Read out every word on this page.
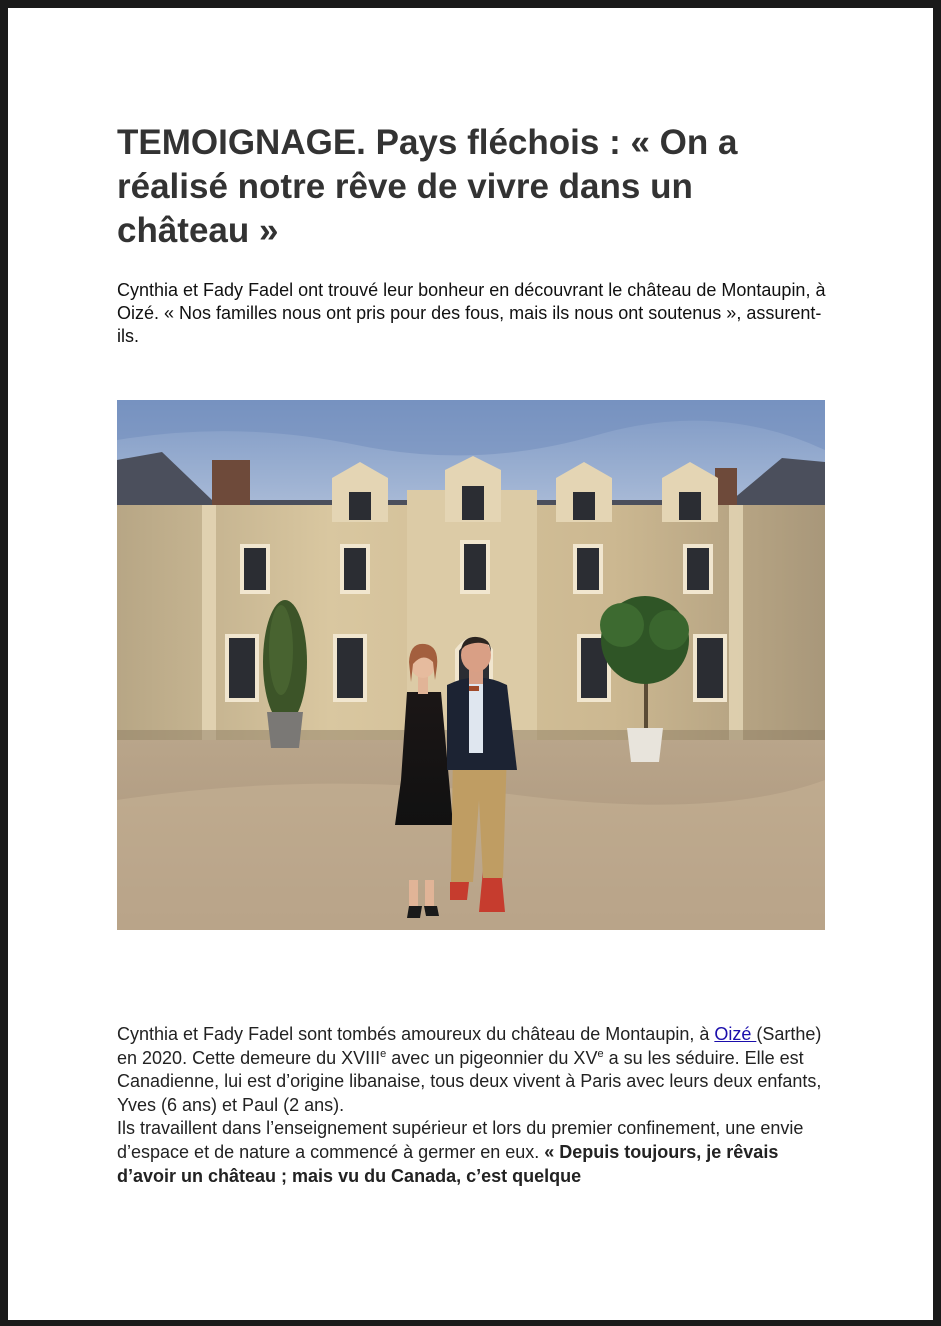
TEMOIGNAGE. Pays fléchois : « On a réalisé notre rêve de vivre dans un château »

Cynthia et Fady Fadel ont trouvé leur bonheur en découvrant le château de Montaupin, à Oizé. « Nos familles nous ont pris pour des fous, mais ils nous ont soutenus », assurent-ils.

Cynthia et Fady Fadel sont tombés amoureux du château de Montaupin, à Oizé (Sarthe) en 2020. Cette demeure du XVIIIe avec un pigeonnier du XVe a su les séduire. Elle est Canadienne, lui est d’origine libanaise, tous deux vivent à Paris avec leurs deux enfants, Yves (6 ans) et Paul (2 ans).
Ils travaillent dans l’enseignement supérieur et lors du premier confinement, une envie d’espace et de nature a commencé à germer en eux. « Depuis toujours, je rêvais d’avoir un château ; mais vu du Canada, c’est quelque
